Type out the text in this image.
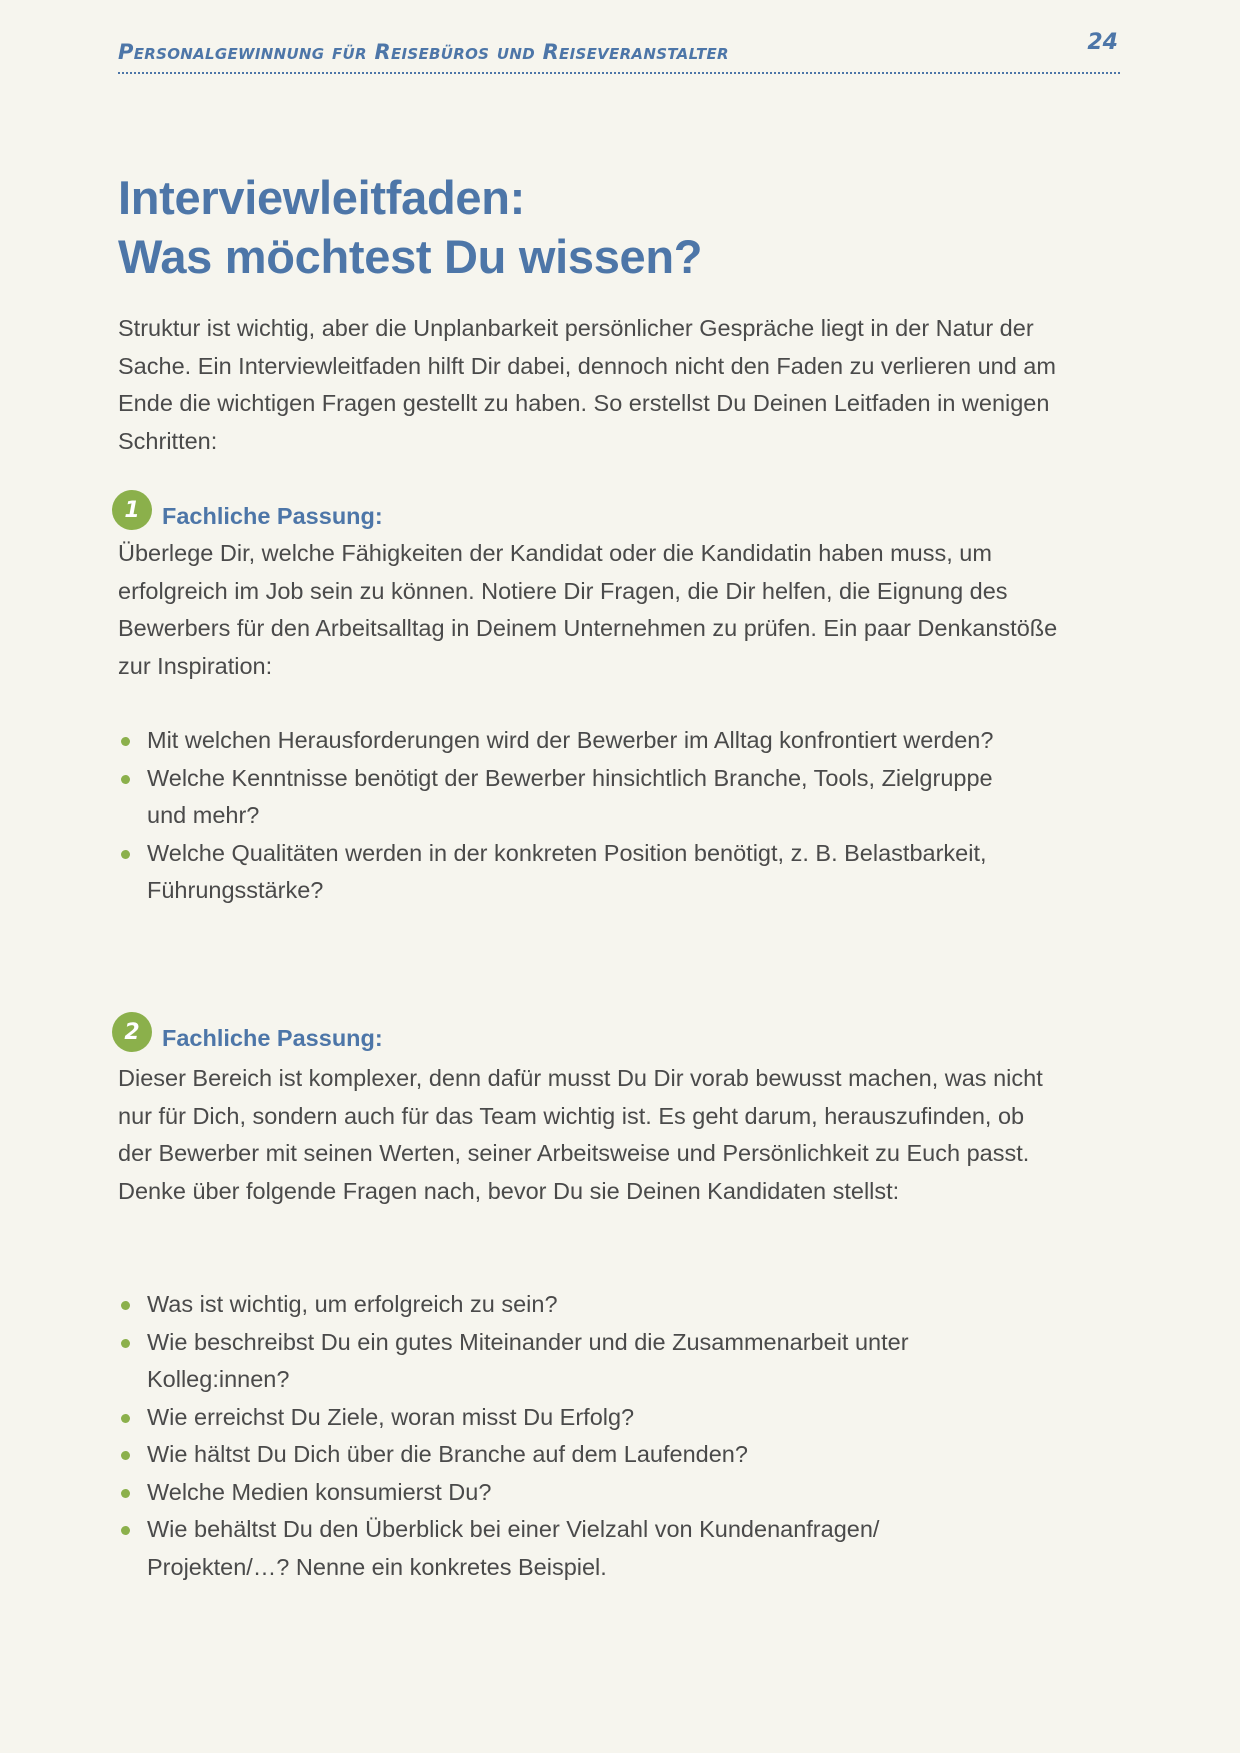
Personalgewinnung für Reisebüros und Reiseveranstalter	24
Interviewleitfaden:
Was möchtest Du wissen?

Struktur ist wichtig, aber die Unplanbarkeit persönlicher Gespräche liegt in der Natur der Sache. Ein Interviewleitfaden hilft Dir dabei, dennoch nicht den Faden zu verlieren und am Ende die wichtigen Fragen gestellt zu haben. So erstellst Du Deinen Leitfaden in wenigen Schritten:

1 Fachliche Passung:

Überlege Dir, welche Fähigkeiten der Kandidat oder die Kandidatin haben muss, um erfolgreich im Job sein zu können. Notiere Dir Fragen, die Dir helfen, die Eignung des Bewerbers für den Arbeitsalltag in Deinem Unternehmen zu prüfen. Ein paar Denkanstöße zur Inspiration:

Mit welchen Herausforderungen wird der Bewerber im Alltag konfrontiert werden?
Welche Kenntnisse benötigt der Bewerber hinsichtlich Branche, Tools, Zielgruppe und mehr?
Welche Qualitäten werden in der konkreten Position benötigt, z. B. Belastbarkeit, Führungsstärke?
2 Fachliche Passung:

Dieser Bereich ist komplexer, denn dafür musst Du Dir vorab bewusst machen, was nicht nur für Dich, sondern auch für das Team wichtig ist. Es geht darum, herauszufinden, ob der Bewerber mit seinen Werten, seiner Arbeitsweise und Persönlichkeit zu Euch passt. Denke über folgende Fragen nach, bevor Du sie Deinen Kandidaten stellst:

Was ist wichtig, um erfolgreich zu sein?
Wie beschreibst Du ein gutes Miteinander und die Zusammenarbeit unter Kolleg:innen?
Wie erreichst Du Ziele, woran misst Du Erfolg?
Wie hältst Du Dich über die Branche auf dem Laufenden?
Welche Medien konsumierst Du?
Wie behältst Du den Überblick bei einer Vielzahl von Kundenanfragen/ Projekten/…? Nenne ein konkretes Beispiel.
